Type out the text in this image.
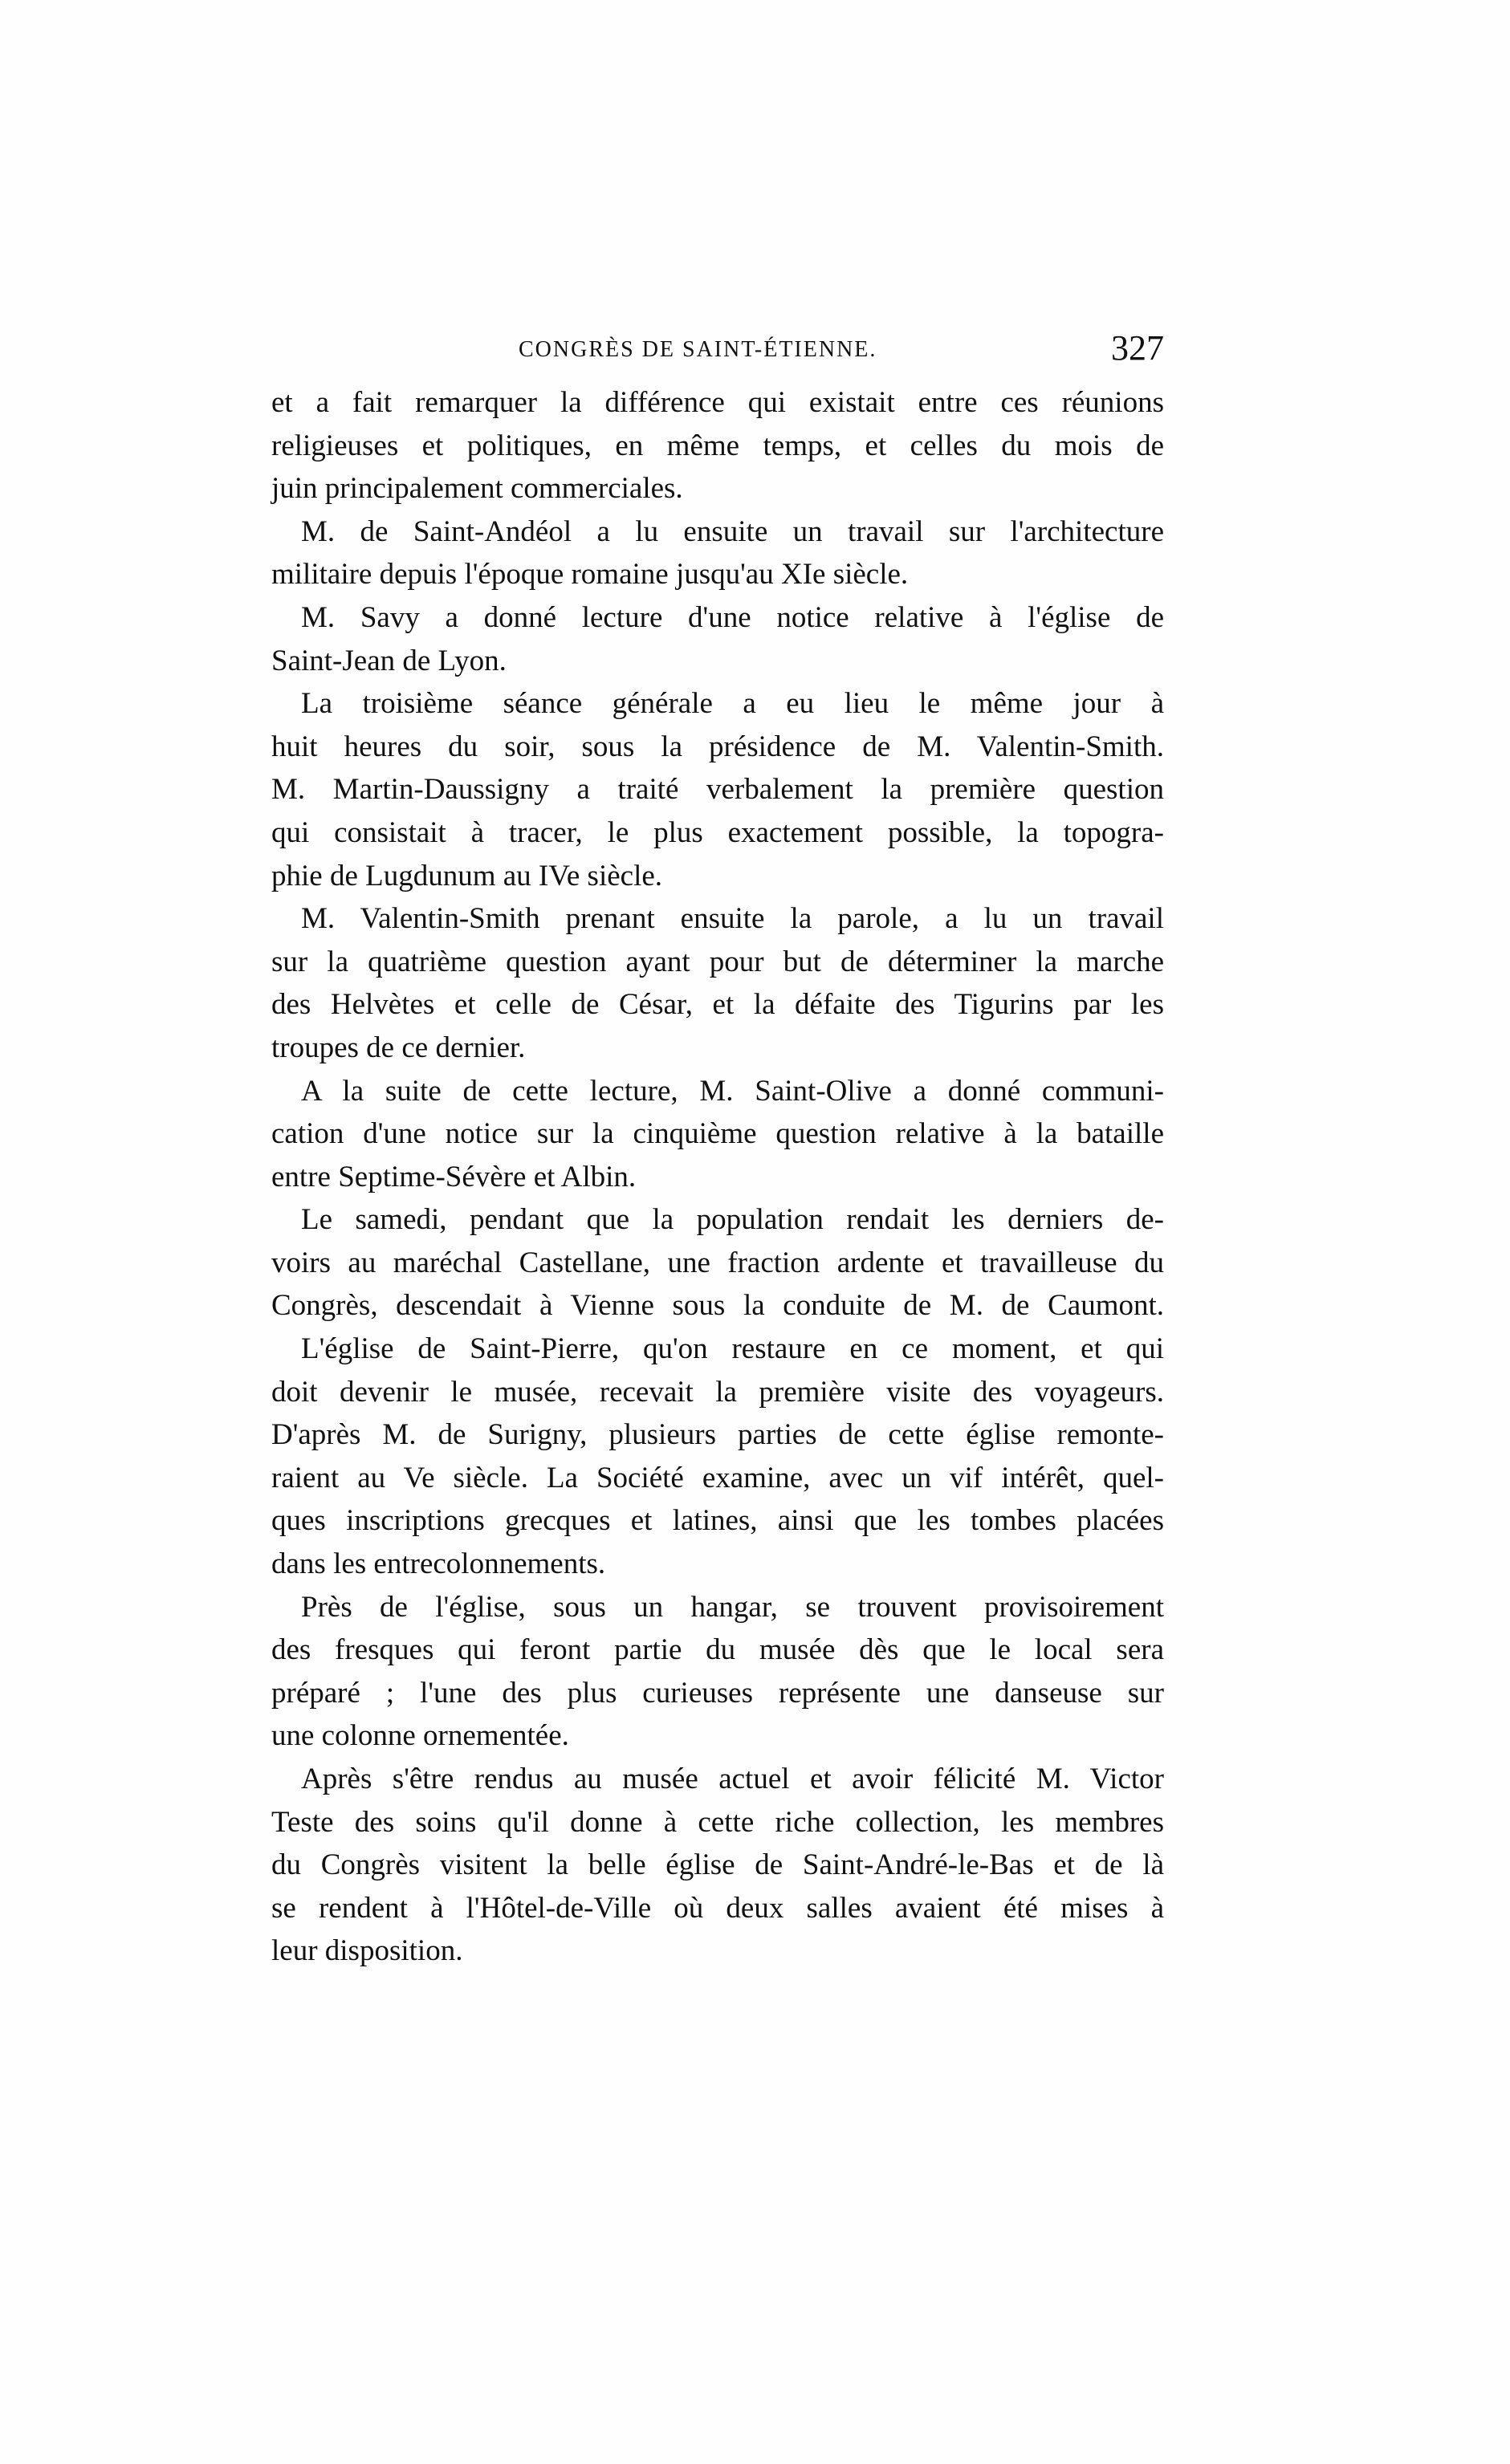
CONGRÈS DE SAINT-ÉTIENNE.	327
et a fait remarquer la différence qui existait entre ces réunions
religieuses et politiques, en même temps, et celles du mois de
juin principalement commerciales.
M. de Saint-Andéol a lu ensuite un travail sur l'architecture
militaire depuis l'époque romaine jusqu'au XIe siècle.
M. Savy a donné lecture d'une notice relative à l'église de
Saint-Jean de Lyon.
La troisième séance générale a eu lieu le même jour à
huit heures du soir, sous la présidence de M. Valentin-Smith.
M. Martin-Daussigny a traité verbalement la première question
qui consistait à tracer, le plus exactement possible, la topogra-
phie de Lugdunum au IVe siècle.
M. Valentin-Smith prenant ensuite la parole, a lu un travail
sur la quatrième question ayant pour but de déterminer la marche
des Helvètes et celle de César, et la défaite des Tigurins par les
troupes de ce dernier.
A la suite de cette lecture, M. Saint-Olive a donné communi-
cation d'une notice sur la cinquième question relative à la bataille
entre Septime-Sévère et Albin.
Le samedi, pendant que la population rendait les derniers de-
voirs au maréchal Castellane, une fraction ardente et travailleuse du
Congrès, descendait à Vienne sous la conduite de M. de Caumont.
L'église de Saint-Pierre, qu'on restaure en ce moment, et qui
doit devenir le musée, recevait la première visite des voyageurs.
D'après M. de Surigny, plusieurs parties de cette église remonte-
raient au Ve siècle. La Société examine, avec un vif intérêt, quel-
ques inscriptions grecques et latines, ainsi que les tombes placées
dans les entrecolonnements.
Près de l'église, sous un hangar, se trouvent provisoirement
des fresques qui feront partie du musée dès que le local sera
préparé ; l'une des plus curieuses représente une danseuse sur
une colonne ornementée.
Après s'être rendus au musée actuel et avoir félicité M. Victor
Teste des soins qu'il donne à cette riche collection, les membres
du Congrès visitent la belle église de Saint-André-le-Bas et de là
se rendent à l'Hôtel-de-Ville où deux salles avaient été mises à
leur disposition.
